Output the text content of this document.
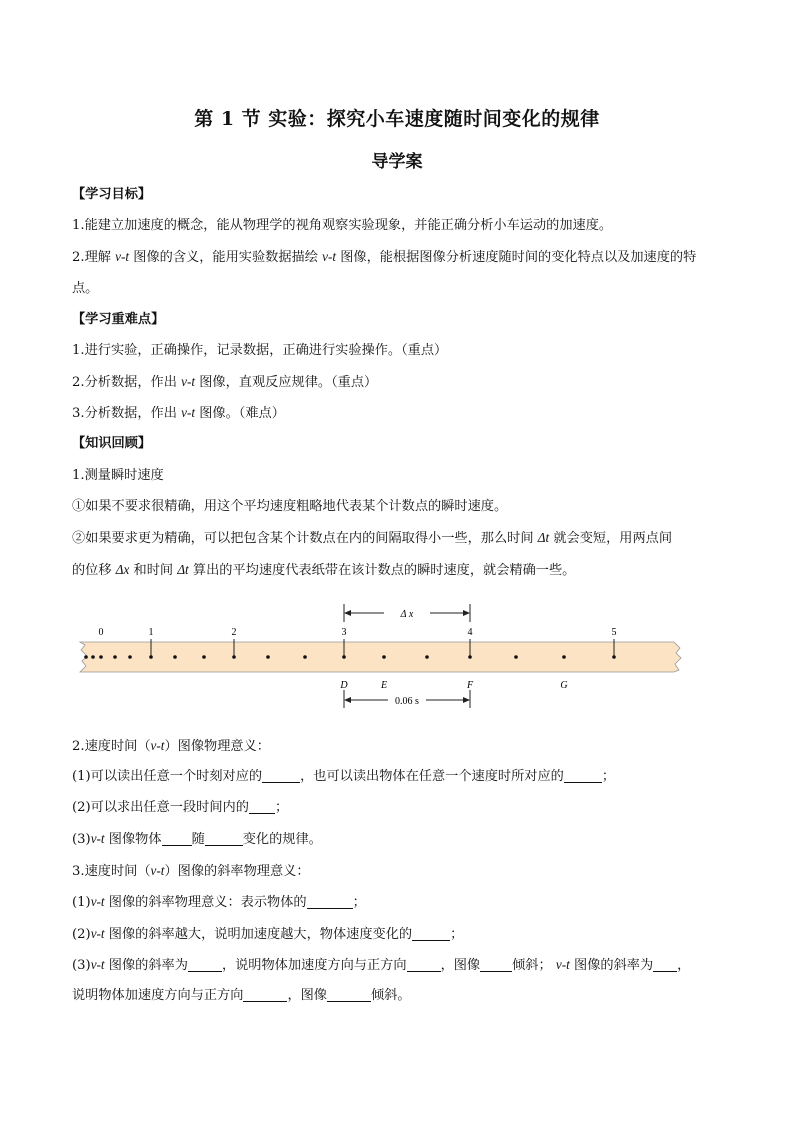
第 1 节 实验：探究小车速度随时间变化的规律
导学案
【学习目标】
1.能建立加速度的概念，能从物理学的视角观察实验现象，并能正确分析小车运动的加速度。
2.理解 v-t 图像的含义，能用实验数据描绘 v-t 图像，能根据图像分析速度随时间的变化特点以及加速度的特
点。
【学习重难点】
1.进行实验，正确操作，记录数据，正确进行实验操作。（重点）
2.分析数据，作出 v-t 图像，直观反应规律。（重点）
3.分析数据，作出 v-t 图像。（难点）
【知识回顾】
1.测量瞬时速度
①如果不要求很精确，用这个平均速度粗略地代表某个计数点的瞬时速度。
②如果要求更为精确，可以把包含某个计数点在内的间隔取得小一些，那么时间 Δt 就会变短，用两点间
的位移 Δx 和时间 Δt 算出的平均速度代表纸带在该计数点的瞬时速度，就会精确一些。
Δ x
0	1	2	3	4	5
D	E	F	G
0.06 s
2.速度时间（v-t）图像物理意义：
(1)可以读出任意一个时刻对应的	，也可以读出物体在任意一个速度时所对应的	；
(2)可以求出任意一段时间内的 ；
(3)v-t 图像物体 随	变化的规律。
3.速度时间（v-t）图像的斜率物理意义：
(1)v-t 图像的斜率物理意义：表示物体的	；
(2)v-t 图像的斜率越大，说明加速度越大，物体速度变化的	；
(3)v-t 图像的斜率为	，说明物体加速度方向与正方向	，图像 倾斜； v-t 图像的斜率为 ，
说明物体加速度方向与正方向	，图像	倾斜。
